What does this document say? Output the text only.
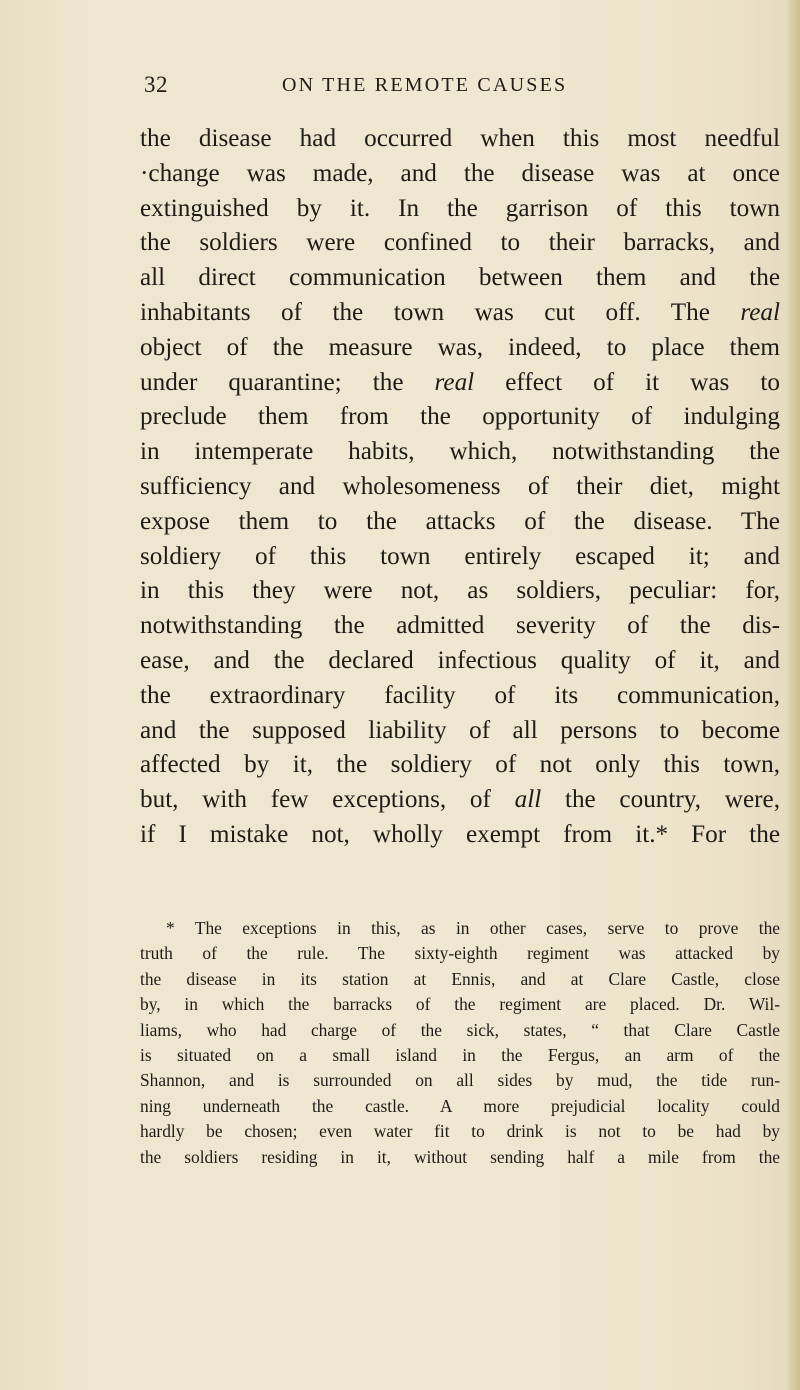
32	ON THE REMOTE CAUSES
the disease had occurred when this most needful
·change was made, and the disease was at once
extinguished by it. In the garrison of this town
the soldiers were confined to their barracks, and
all direct communication between them and the
inhabitants of the town was cut off. The real
object of the measure was, indeed, to place them
under quarantine; the real effect of it was to
preclude them from the opportunity of indulging
in intemperate habits, which, notwithstanding the
sufficiency and wholesomeness of their diet, might
expose them to the attacks of the disease. The
soldiery of this town entirely escaped it; and
in this they were not, as soldiers, peculiar: for,
notwithstanding the admitted severity of the dis-
ease, and the declared infectious quality of it, and
the extraordinary facility of its communication,
and the supposed liability of all persons to become
affected by it, the soldiery of not only this town,
but, with few exceptions, of all the country, were,
if I mistake not, wholly exempt from it.* For the
* The exceptions in this, as in other cases, serve to prove the
truth of the rule. The sixty-eighth regiment was attacked by
the disease in its station at Ennis, and at Clare Castle, close
by, in which the barracks of the regiment are placed. Dr. Wil-
liams, who had charge of the sick, states, “ that Clare Castle
is situated on a small island in the Fergus, an arm of the
Shannon, and is surrounded on all sides by mud, the tide run-
ning underneath the castle. A more prejudicial locality could
hardly be chosen; even water fit to drink is not to be had by
the soldiers residing in it, without sending half a mile from the
